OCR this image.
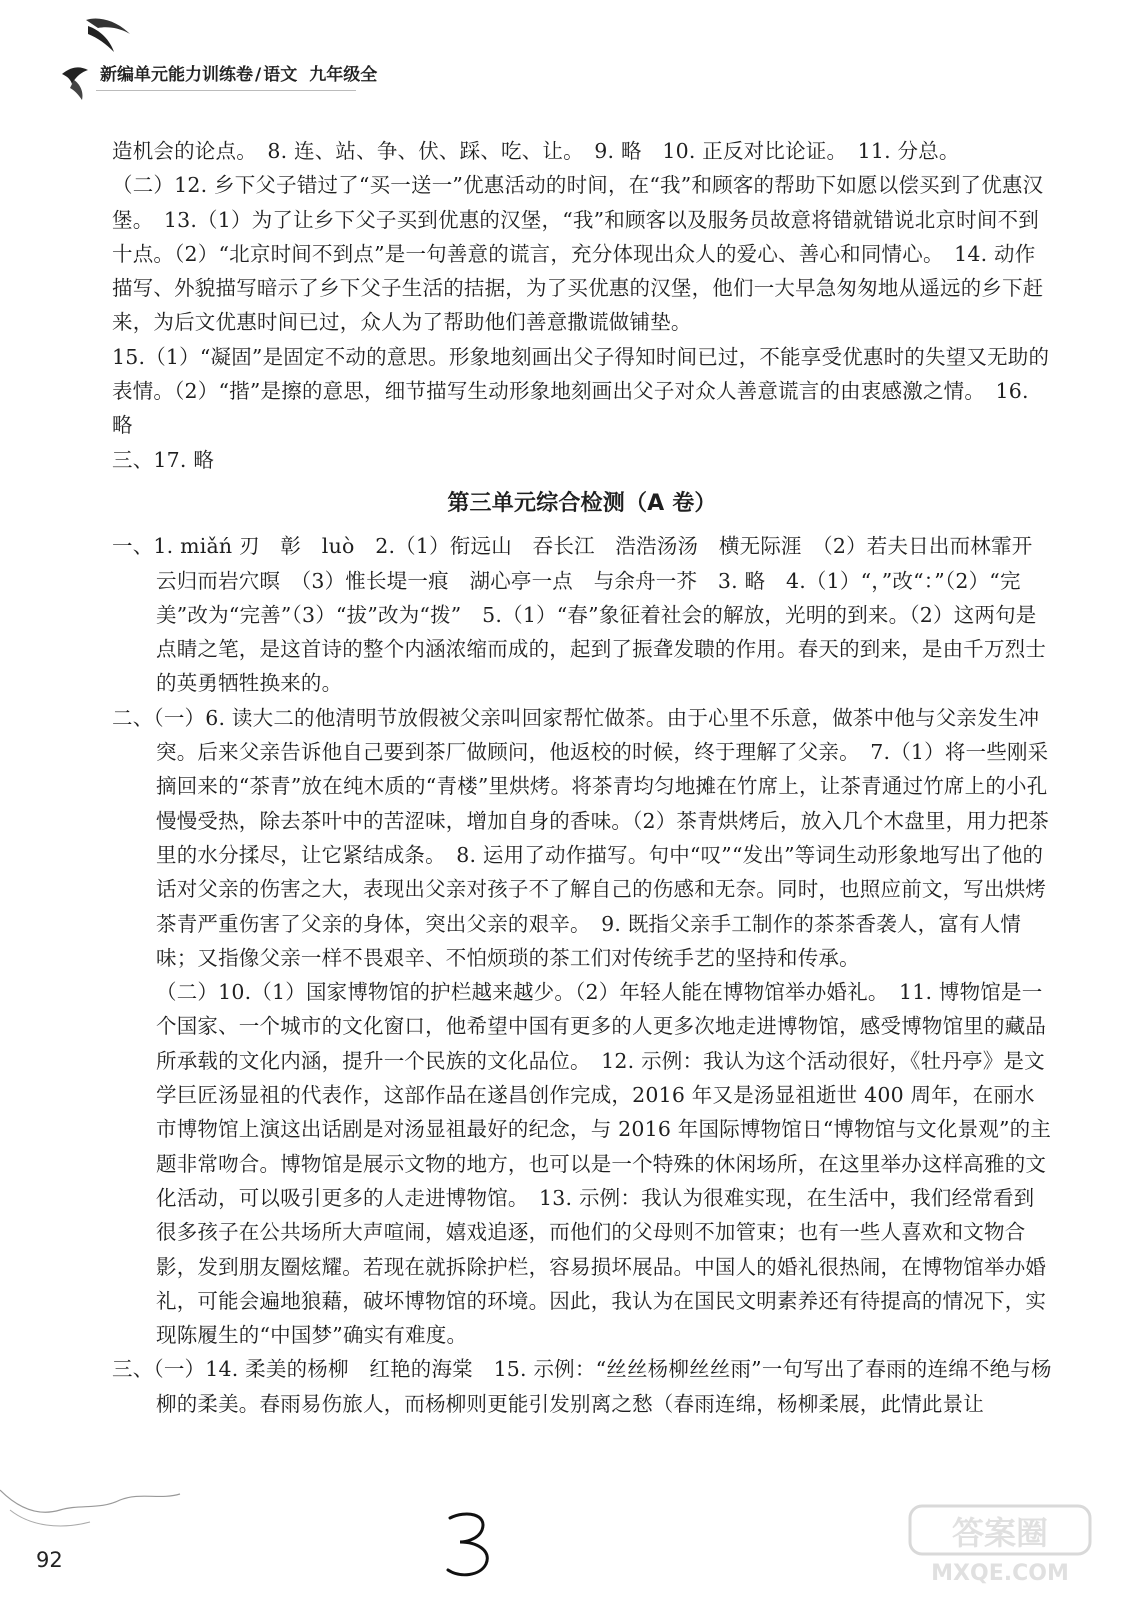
新编单元能力训练卷 / 语文 九年级全

造机会的论点。　8. 连、站、争、伏、踩、吃、让。　9. 略　10. 正反对比论证。　11. 分总。

（二）12. 乡下父子错过了“买一送一”优惠活动的时间，在“我”和顾客的帮助下如愿以偿买到了优惠汉堡。　13.（1）为了让乡下父子买到优惠的汉堡，“我”和顾客以及服务员故意将错就错说北京时间不到十点。（2）“北京时间不到点”是一句善意的谎言，充分体现出众人的爱心、善心和同情心。　14. 动作描写、外貌描写暗示了乡下父子生活的拮据，为了买优惠的汉堡，他们一大早急匆匆地从遥远的乡下赶来，为后文优惠时间已过，众人为了帮助他们善意撒谎做铺垫。

15.（1）“凝固”是固定不动的意思。形象地刻画出父子得知时间已过，不能享受优惠时的失望又无助的表情。（2）“揩”是擦的意思，细节描写生动形象地刻画出父子对众人善意谎言的由衷感激之情。　16. 略

三、17. 略

第三单元综合检测（A 卷）

一、1. miǎń 刃　彰　luò　2.（1）衔远山　吞长江　浩浩汤汤　横无际涯　（2）若夫日出而林霏开　云归而岩穴暝　（3）惟长堤一痕　湖心亭一点　与余舟一芥　3. 略　4.（1）“，”改“：”（2）“完美”改为“完善”（3）“拔”改为“拨”　5.（1）“春”象征着社会的解放，光明的到来。（2）这两句是点睛之笔，是这首诗的整个内涵浓缩而成的，起到了振聋发聩的作用。春天的到来，是由千万烈士的英勇牺牲换来的。

二、（一）6. 读大二的他清明节放假被父亲叫回家帮忙做茶。由于心里不乐意，做茶中他与父亲发生冲突。后来父亲告诉他自己要到茶厂做顾问，他返校的时候，终于理解了父亲。　7.（1）将一些刚采摘回来的“茶青”放在纯木质的“青楼”里烘烤。将茶青均匀地摊在竹席上，让茶青通过竹席上的小孔慢慢受热，除去茶叶中的苦涩味，增加自身的香味。（2）茶青烘烤后，放入几个木盘里，用力把茶里的水分揉尽，让它紧结成条。　8. 运用了动作描写。句中“叹”“发出”等词生动形象地写出了他的话对父亲的伤害之大，表现出父亲对孩子不了解自己的伤感和无奈。同时，也照应前文，写出烘烤茶青严重伤害了父亲的身体，突出父亲的艰辛。　9. 既指父亲手工制作的茶茶香袭人，富有人情味；又指像父亲一样不畏艰辛、不怕烦琐的茶工们对传统手艺的坚持和传承。

（二）10.（1）国家博物馆的护栏越来越少。（2）年轻人能在博物馆举办婚礼。　11. 博物馆是一个国家、一个城市的文化窗口，他希望中国有更多的人更多次地走进博物馆，感受博物馆里的藏品所承载的文化内涵，提升一个民族的文化品位。　12. 示例：我认为这个活动很好，《牡丹亭》是文学巨匠汤显祖的代表作，这部作品在遂昌创作完成，2016 年又是汤显祖逝世 400 周年，在丽水市博物馆上演这出话剧是对汤显祖最好的纪念，与 2016 年国际博物馆日“博物馆与文化景观”的主题非常吻合。博物馆是展示文物的地方，也可以是一个特殊的休闲场所，在这里举办这样高雅的文化活动，可以吸引更多的人走进博物馆。　13. 示例：我认为很难实现，在生活中，我们经常看到很多孩子在公共场所大声喧闹，嬉戏追逐，而他们的父母则不加管束；也有一些人喜欢和文物合影，发到朋友圈炫耀。若现在就拆除护栏，容易损坏展品。中国人的婚礼很热闹，在博物馆举办婚礼，可能会遍地狼藉，破坏博物馆的环境。因此，我认为在国民文明素养还有待提高的情况下，实现陈履生的“中国梦”确实有难度。

三、（一）14. 柔美的杨柳　红艳的海棠　15. 示例：“丝丝杨柳丝丝雨”一句写出了春雨的连绵不绝与杨柳的柔美。春雨易伤旅人，而杨柳则更能引发别离之愁（春雨连绵，杨柳柔展，此情此景让

92
答案圈
MXQE.COM
